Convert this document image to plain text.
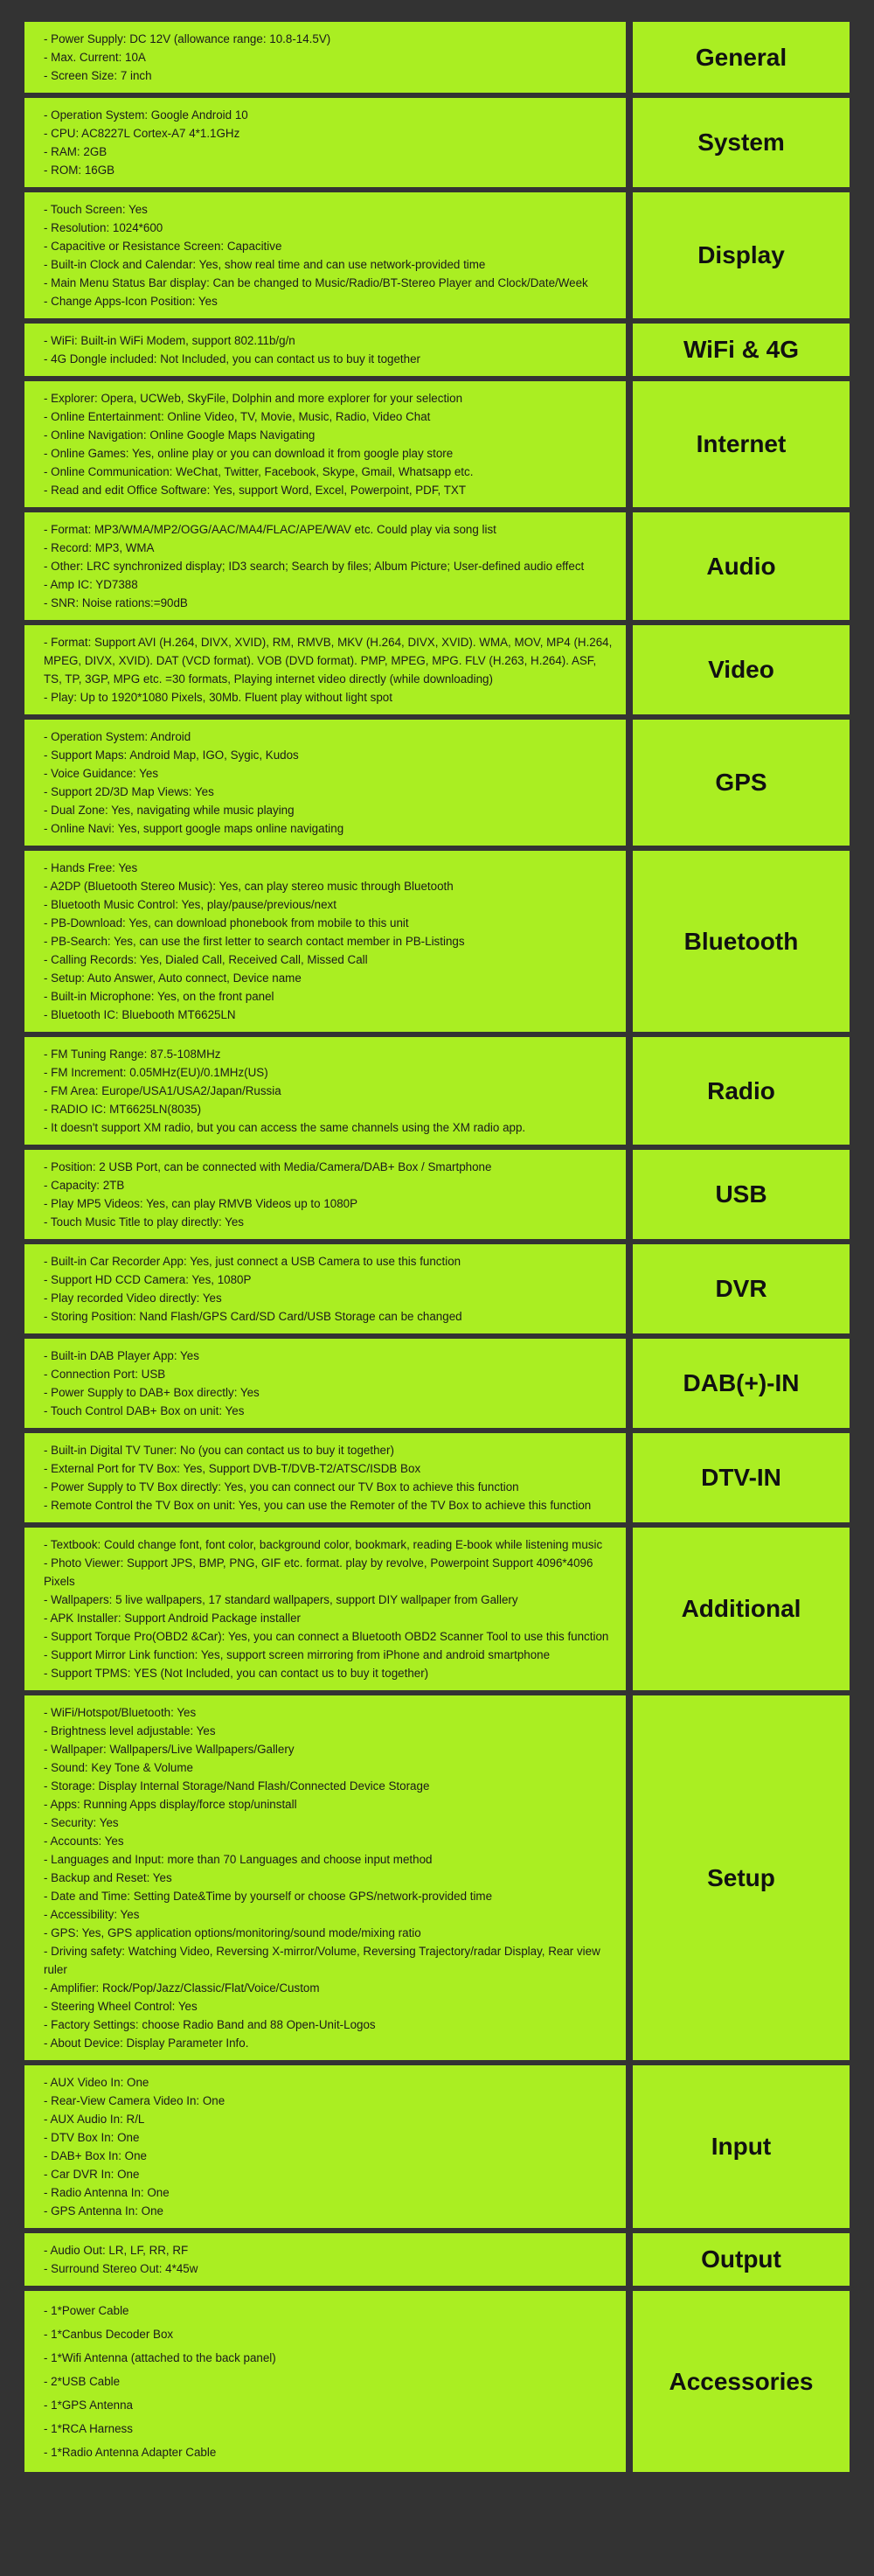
- Power Supply: DC 12V (allowance range: 10.8-14.5V)
- Max. Current: 10A
- Screen Size: 7 inch
General
- Operation System: Google Android 10
- CPU: AC8227L Cortex-A7 4*1.1GHz
- RAM: 2GB
- ROM: 16GB
System
- Touch Screen: Yes
- Resolution: 1024*600
- Capacitive or Resistance Screen: Capacitive
- Built-in Clock and Calendar: Yes, show real time and can use network-provided time
- Main Menu Status Bar display: Can be changed to Music/Radio/BT-Stereo Player and Clock/Date/Week
- Change Apps-Icon Position: Yes
Display
- WiFi: Built-in WiFi Modem, support 802.11b/g/n
- 4G Dongle included: Not Included, you can contact us to buy it together	WiFi & 4G
- Explorer: Opera, UCWeb, SkyFile, Dolphin and more explorer for your selection
- Online Entertainment: Online Video, TV, Movie, Music, Radio, Video Chat
- Online Navigation: Online Google Maps Navigating
- Online Games: Yes, online play or you can download it from google play store
- Online Communication: WeChat, Twitter, Facebook, Skype, Gmail, Whatsapp etc.
- Read and edit Office Software: Yes, support Word, Excel, Powerpoint, PDF, TXT
Internet
- Format: MP3/WMA/MP2/OGG/AAC/MA4/FLAC/APE/WAV etc. Could play via song list
- Record: MP3, WMA
- Other: LRC synchronized display; ID3 search; Search by files; Album Picture; User-defined audio effect
- Amp IC: YD7388
- SNR: Noise rations:=90dB
Audio
- Format: Support AVI (H.264, DIVX, XVID), RM, RMVB, MKV (H.264, DIVX, XVID). WMA, MOV, MP4 (H.264, MPEG, DIVX, XVID). DAT (VCD format). VOB (DVD format). PMP, MPEG, MPG. FLV (H.263, H.264). ASF, TS, TP, 3GP, MPG etc. =30 formats, Playing internet video directly (while downloading)
- Play: Up to 1920*1080 Pixels, 30Mb. Fluent play without light spot
Video
- Operation System: Android
- Support Maps: Android Map, IGO, Sygic, Kudos
- Voice Guidance: Yes
- Support 2D/3D Map Views: Yes
- Dual Zone: Yes, navigating while music playing
- Online Navi: Yes, support google maps online navigating
GPS
- Hands Free: Yes
- A2DP (Bluetooth Stereo Music): Yes, can play stereo music through Bluetooth
- Bluetooth Music Control: Yes, play/pause/previous/next
- PB-Download: Yes, can download phonebook from mobile to this unit
- PB-Search: Yes, can use the first letter to search contact member in PB-Listings
- Calling Records: Yes, Dialed Call, Received Call, Missed Call
- Setup: Auto Answer, Auto connect, Device name
- Built-in Microphone: Yes, on the front panel
- Bluetooth IC: Bluebooth MT6625LN
Bluetooth
- FM Tuning Range: 87.5-108MHz
- FM Increment: 0.05MHz(EU)/0.1MHz(US)
- FM Area: Europe/USA1/USA2/Japan/Russia
- RADIO IC: MT6625LN(8035)
- It doesn't support XM radio, but you can access the same channels using the XM radio app.
Radio
- Position: 2 USB Port, can be connected with Media/Camera/DAB+ Box / Smartphone
- Capacity: 2TB
- Play MP5 Videos: Yes, can play RMVB Videos up to 1080P
- Touch Music Title to play directly: Yes
USB
- Built-in Car Recorder App: Yes, just connect a USB Camera to use this function
- Support HD CCD Camera: Yes, 1080P
- Play recorded Video directly: Yes
- Storing Position: Nand Flash/GPS Card/SD Card/USB Storage can be changed
DVR
- Built-in DAB Player App: Yes
- Connection Port: USB
- Power Supply to DAB+ Box directly: Yes
- Touch Control DAB+ Box on unit: Yes
DAB(+)-IN
- Built-in Digital TV Tuner: No (you can contact us to buy it together)
- External Port for TV Box: Yes, Support DVB-T/DVB-T2/ATSC/ISDB Box
- Power Supply to TV Box directly: Yes, you can connect our TV Box to achieve this function
- Remote Control the TV Box on unit: Yes, you can use the Remoter of the TV Box to achieve this function
DTV-IN
- Textbook: Could change font, font color, background color, bookmark, reading E-book while listening music
- Photo Viewer: Support JPS, BMP, PNG, GIF etc. format. play by revolve, Powerpoint Support 4096*4096 Pixels
- Wallpapers: 5 live wallpapers, 17 standard wallpapers, support DIY wallpaper from Gallery
- APK Installer: Support Android Package installer
- Support Torque Pro(OBD2 &Car): Yes, you can connect a Bluetooth OBD2 Scanner Tool to use this function
- Support Mirror Link function: Yes, support screen mirroring from iPhone and android smartphone
- Support TPMS: YES (Not Included, you can contact us to buy it together)
Additional
- WiFi/Hotspot/Bluetooth: Yes
- Brightness level adjustable: Yes
- Wallpaper: Wallpapers/Live Wallpapers/Gallery
- Sound: Key Tone & Volume
- Storage: Display Internal Storage/Nand Flash/Connected Device Storage
- Apps: Running Apps display/force stop/uninstall
- Security: Yes
- Accounts: Yes
- Languages and Input: more than 70 Languages and choose input method
- Backup and Reset: Yes
- Date and Time: Setting Date&Time by yourself or choose GPS/network-provided time
- Accessibility: Yes
- GPS: Yes, GPS application options/monitoring/sound mode/mixing ratio
- Driving safety: Watching Video, Reversing X-mirror/Volume, Reversing Trajectory/radar Display, Rear view ruler
- Amplifier: Rock/Pop/Jazz/Classic/Flat/Voice/Custom
- Steering Wheel Control: Yes
- Factory Settings: choose Radio Band and 88 Open-Unit-Logos
- About Device: Display Parameter Info.
Setup
- AUX Video In: One
- Rear-View Camera Video In: One
- AUX Audio In: R/L
- DTV Box In: One
- DAB+ Box In: One
- Car DVR In: One
- Radio Antenna In: One
- GPS Antenna In: One
Input
- Audio Out: LR, LF, RR, RF
- Surround Stereo Out: 4*45w	Output
- 1*Power Cable
- 1*Canbus Decoder Box
- 1*Wifi Antenna (attached to the back panel)
- 2*USB Cable
- 1*GPS Antenna
- 1*RCA Harness
- 1*Radio Antenna Adapter Cable
Accessories
